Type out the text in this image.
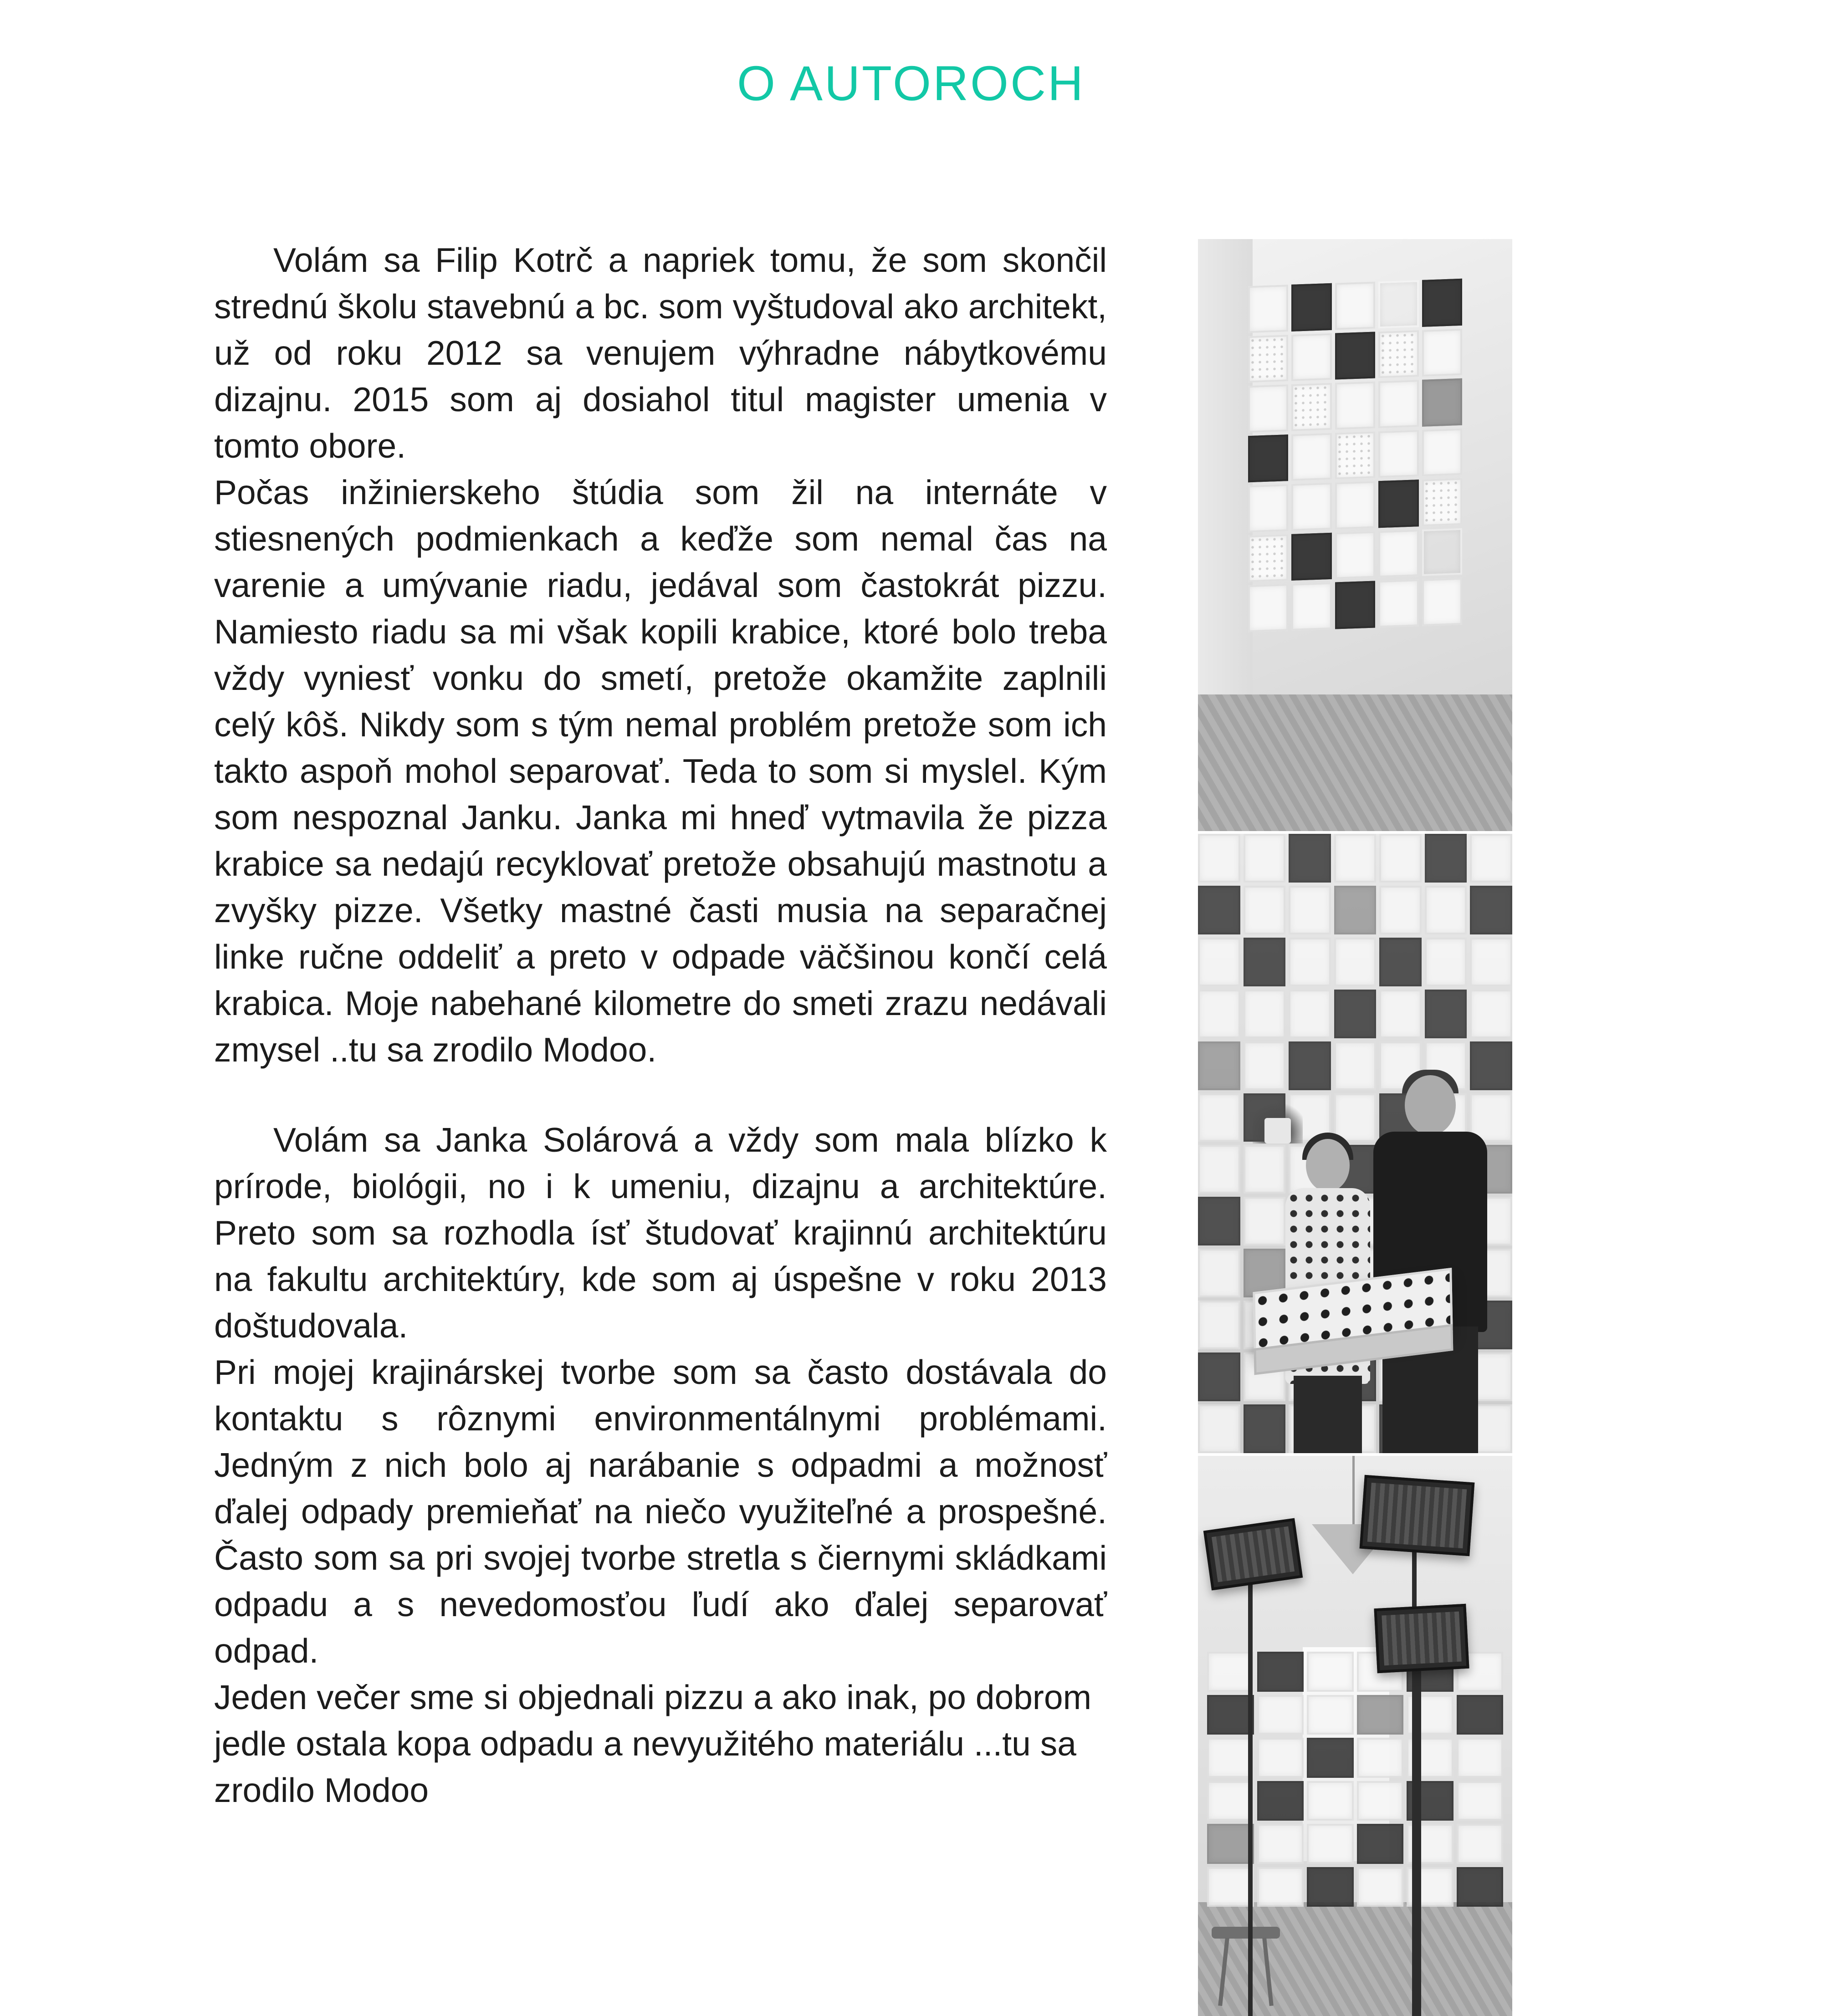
O AUTOROCH

Volám sa Filip Kotrč a napriek tomu, že som skončil strednú školu stavebnú a bc. som vyštudoval ako architekt, už od roku 2012 sa venujem výhradne nábytkovému dizajnu. 2015 som aj dosiahol titul magister umenia v tomto obore.

Počas inžinierskeho štúdia som žil na internáte v stiesnených podmienkach a keďže som nemal čas na varenie a umývanie riadu, jedával som častokrát pizzu. Namiesto riadu sa mi však kopili krabice, ktoré bolo treba vždy vyniesť vonku do smetí, pretože okamžite zaplnili celý kôš. Nikdy som s tým nemal problém pretože som ich takto aspoň mohol separovať. Teda to som si myslel. Kým som nespoznal Janku. Janka mi hneď vytmavila že pizza krabice sa nedajú recyklovať pretože obsahujú mastnotu a zvyšky pizze. Všetky mastné časti musia na separačnej linke ručne oddeliť a preto v odpade väčšinou končí celá krabica. Moje nabehané kilometre do smeti zrazu nedávali zmysel ..tu sa zrodilo Modoo.

Volám sa Janka Solárová a vždy som mala blízko k prírode, biológii, no i k umeniu, dizajnu a architektúre. Preto som sa rozhodla ísť študovať krajinnú architektúru na fakultu architektúry, kde som aj úspešne v roku 2013 doštudovala.

Pri mojej krajinárskej tvorbe som sa často dostávala do kontaktu s rôznymi environmentálnymi problémami. Jedným z nich bolo aj narábanie s odpadmi a možnosť ďalej odpady premieňať na niečo využiteľné a prospešné. Často som sa pri svojej tvorbe stretla s čiernymi skládkami odpadu a s nevedomosťou ľudí ako ďalej separovať odpad.

Jeden večer sme si objednali pizzu a ako inak, po dobrom jedle ostala kopa odpadu a nevyužitého materiálu ...tu sa zrodilo Modoo
